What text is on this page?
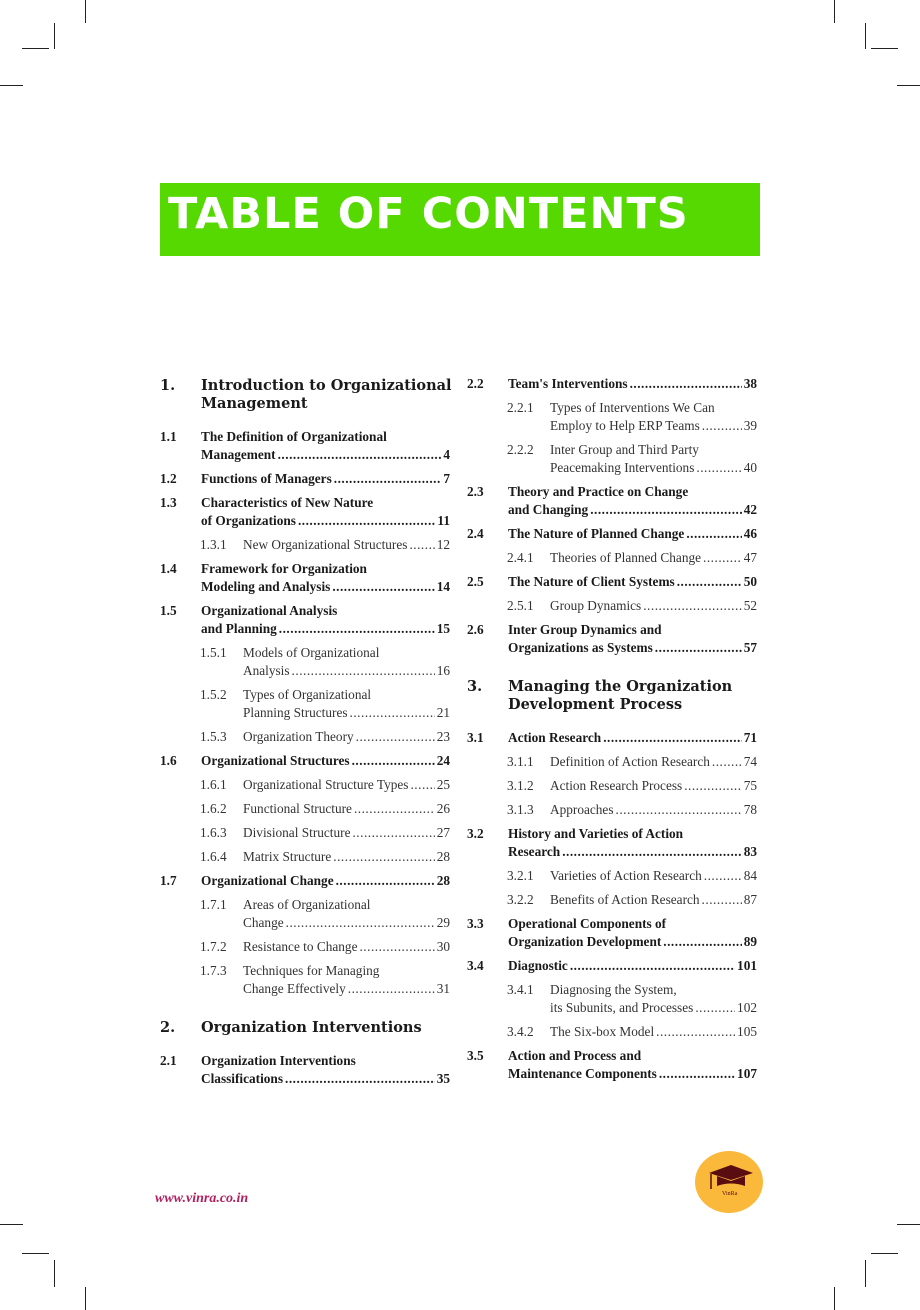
TABLE OF CONTENTS
1. Introduction to Organizational
Management
1.1 The Definition of Organizational
Management .....	4
1.2 Functions of Managers .....	7
1.3 Characteristics of New Nature
of Organizations .....	11
1.3.1 New Organizational Structures ..... 12
1.4 Framework for Organization
Modeling and Analysis .....	14
1.5 Organizational Analysis
and Planning .....	15
1.5.1 Models of Organizational
Analysis .....	16
1.5.2 Types of Organizational
Planning Structures .....	21
1.5.3 Organization Theory .....	23
1.6 Organizational Structures .....	24
1.6.1 Organizational Structure Types ..... 25
1.6.2 Functional Structure .....	26
1.6.3 Divisional Structure .....	27
1.6.4 Matrix Structure .....	28
1.7 Organizational Change .....	28
1.7.1 Areas of Organizational
Change .....	29
1.7.2 Resistance to Change .....	30
1.7.3 Techniques for Managing
Change Effectively .....	31
2. Organization Interventions
2.1 Organization Interventions
Classifications .....	35
2.2 Team's Interventions .....	38
2.2.1 Types of Interventions We Can
Employ to Help ERP Teams .....	39
2.2.2 Inter Group and Third Party
Peacemaking Interventions .....	40
2.3 Theory and Practice on Change
and Changing .....	42
2.4 The Nature of Planned Change .....	46
2.4.1 Theories of Planned Change .....	47
2.5 The Nature of Client Systems .....	50
2.5.1 Group Dynamics .....	52
2.6 Inter Group Dynamics and
Organizations as Systems .....	57
3. Managing the Organization
Development Process
3.1 Action Research .....	71
3.1.1 Definition of Action Research .....	74
3.1.2 Action Research Process .....	75
3.1.3 Approaches .....	78
3.2 History and Varieties of Action
Research .....	83
3.2.1 Varieties of Action Research .....	84
3.2.2 Benefits of Action Research .....	87
3.3 Operational Components of
Organization Development .....	89
3.4 Diagnostic .....	101
3.4.1 Diagnosing the System,
its Subunits, and Processes .....	102
3.4.2 The Six-box Model .....	105
3.5 Action and Process and
Maintenance Components .....	107
www.vinra.co.in	VinRa
